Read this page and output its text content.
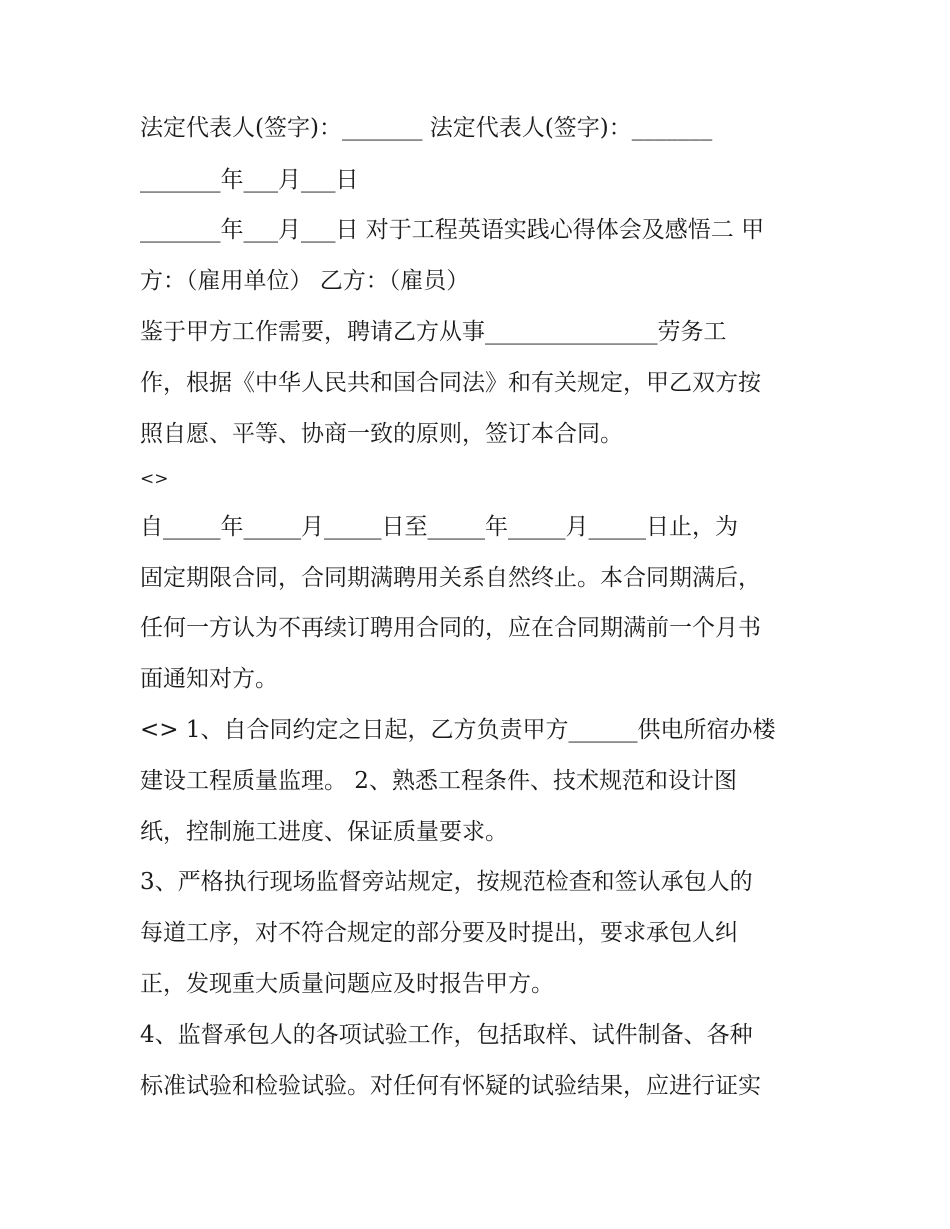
法定代表人(签字)：_______ 法定代表人(签字)：_______
_______年___月___日
_______年___月___日 对于工程英语实践心得体会及感悟二 甲
方：（雇用单位） 乙方：（雇员）
鉴于甲方工作需要，聘请乙方从事_______________劳务工
作，根据《中华人民共和国合同法》和有关规定，甲乙双方按
照自愿、平等、协商一致的原则，签订本合同。
<>
自_____年_____月_____日至_____年_____月_____日止，为
固定期限合同，合同期满聘用关系自然终止。本合同期满后，
任何一方认为不再续订聘用合同的，应在合同期满前一个月书
面通知对方。
<> 1、自合同约定之日起，乙方负责甲方______供电所宿办楼
建设工程质量监理。 2、熟悉工程条件、技术规范和设计图
纸，控制施工进度、保证质量要求。
3、严格执行现场监督旁站规定，按规范检查和签认承包人的
每道工序，对不符合规定的部分要及时提出，要求承包人纠
正，发现重大质量问题应及时报告甲方。
4、监督承包人的各项试验工作，包括取样、试件制备、各种
标准试验和检验试验。对任何有怀疑的试验结果，应进行证实
